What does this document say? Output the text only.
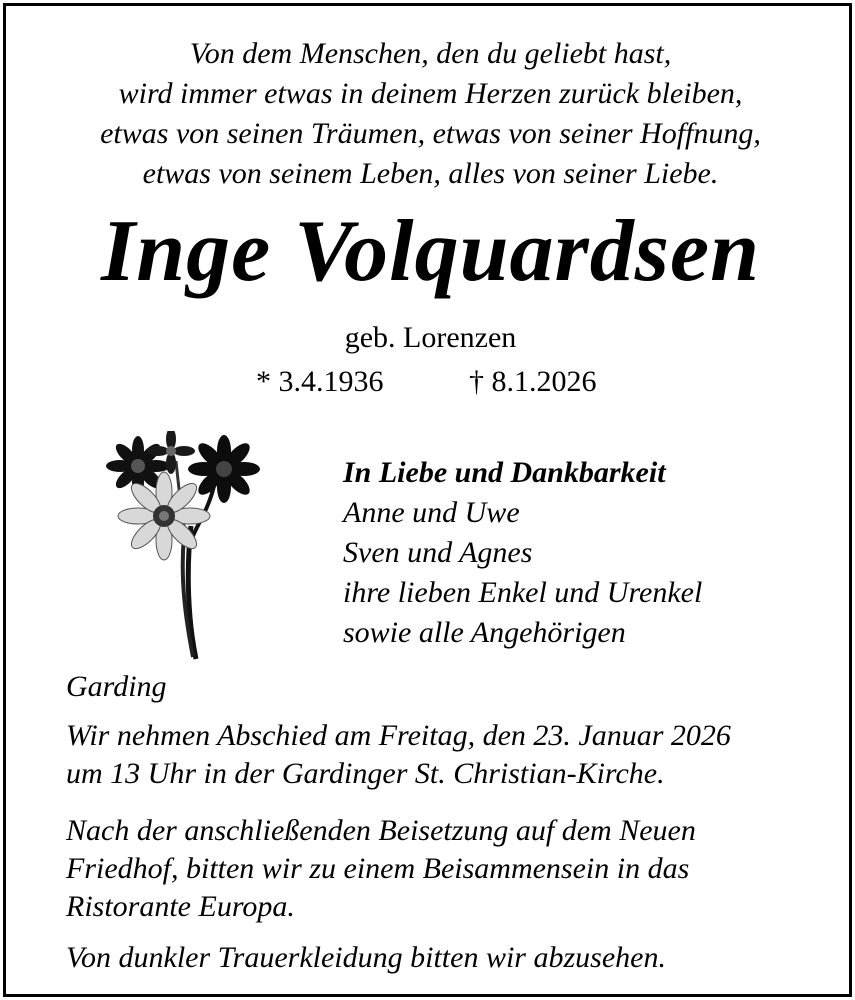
Von dem Menschen, den du geliebt hast,
wird immer etwas in deinem Herzen zurück bleiben,
etwas von seinen Träumen, etwas von seiner Hoffnung,
etwas von seinem Leben, alles von seiner Liebe.
Inge Volquardsen
geb. Lorenzen
* 3.4.1936	† 8.1.2026
In Liebe und Dankbarkeit
Anne und Uwe
Sven und Agnes
ihre lieben Enkel und Urenkel
sowie alle Angehörigen
Garding
Wir nehmen Abschied am Freitag, den 23. Januar 2026
um 13 Uhr in der Gardinger St. Christian-Kirche.
Nach der anschließenden Beisetzung auf dem Neuen
Friedhof, bitten wir zu einem Beisammensein in das
Ristorante Europa.
Von dunkler Trauerkleidung bitten wir abzusehen.
